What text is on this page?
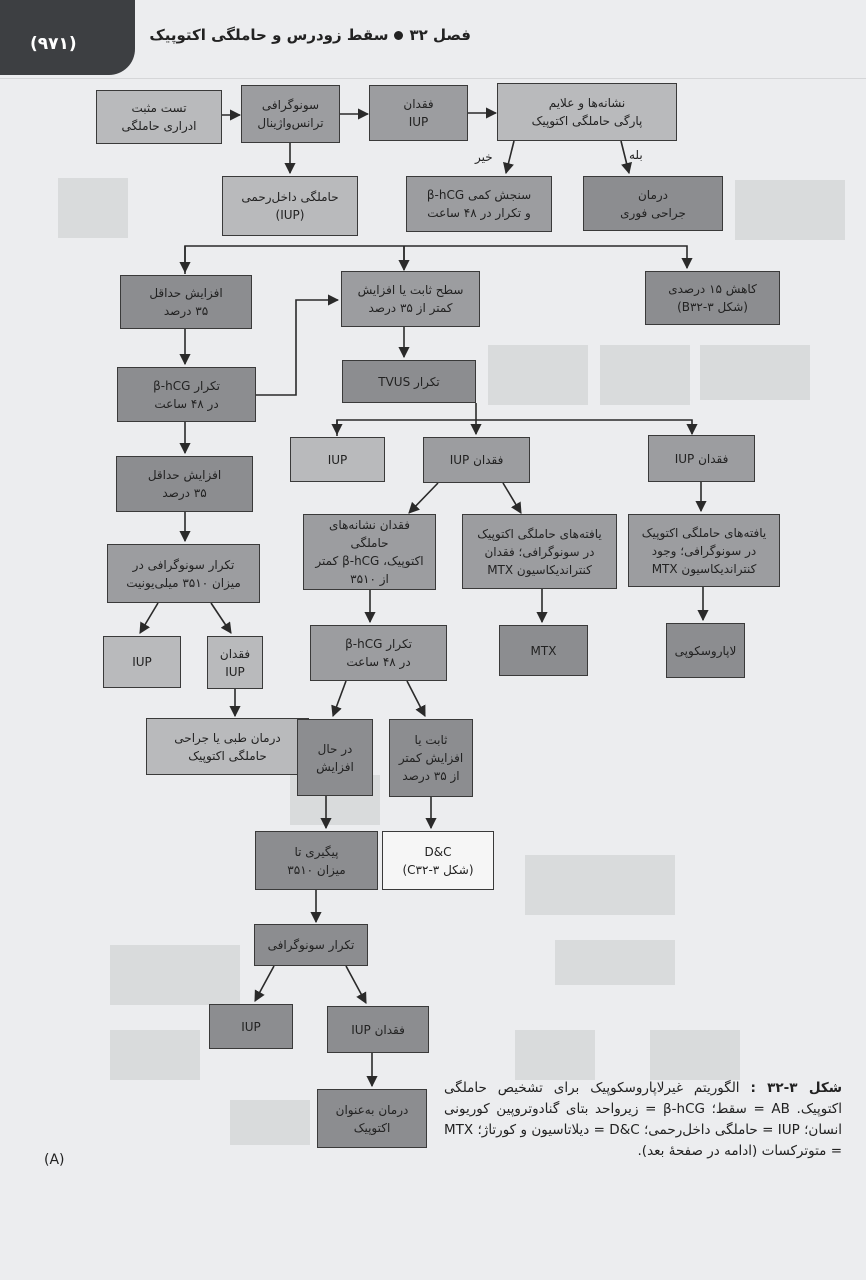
(۹۷۱)	فصل ۳۲سقط زودرس و حاملگی اکتوپیک
تست مثبت
ادراری حاملگی
سونوگرافی
ترانس‌واژینال
فقدان
IUP
نشانه‌ها و علایم
پارگی حاملگی اکتوپیک
خیر	بله
حاملگی داخل‌رحمی
(IUP)
سنجش کمی β-hCG
و تکرار در ۴۸ ساعت
درمان
جراحی فوری
افزایش حداقل
۳۵ درصد
سطح ثابت یا افزایش
کمتر از ۳۵ درصد
کاهش ۱۵ درصدی
(شکل ۳-B۳۲)
تکرار β-hCG
در ۴۸ ساعت
تکرار TVUS
IUP	فقدان IUP	فقدان IUP
افزایش حداقل
۳۵ درصد
فقدان نشانه‌های حاملگی
اکتوپیک، β-hCG کمتر
از ۳۵۱۰
یافته‌های حاملگی اکتوپیک
در سونوگرافی؛ فقدان
کنتراندیکاسیون MTX
یافته‌های حاملگی اکتوپیک
در سونوگرافی؛ وجود
کنتراندیکاسیون MTX
تکرار سونوگرافی در
میزان ۳۵۱۰ میلی‌یونیت
تکرار β-hCG
در ۴۸ ساعت
MTX	لاپاروسکوپی
IUP
فقدان
IUP
درمان طبی یا جراحی
حاملگی اکتوپیک	در حال
افزایش
ثابت یا
افزایش کمتر
از ۳۵ درصد
پیگیری تا
میزان ۳۵۱۰
D&C
(شکل ۳-C۳۲)
تکرار سونوگرافی
IUP	فقدان IUP
درمان به‌عنوان
اکتوپیک
(A)
شکل ۳-۳۲ : الگوریتم غیرلاپاروسکوپیک برای تشخیص حاملگی اکتوپیک. AB = سقط؛ β-hCG = زیرواحد بتای گنادوتروپین کوریونی انسان؛ IUP = حاملگی داخل‌رحمی؛ D&C = دیلاتاسیون و کورتاژ؛ MTX = متوترکسات (ادامه در صفحهٔ بعد).
